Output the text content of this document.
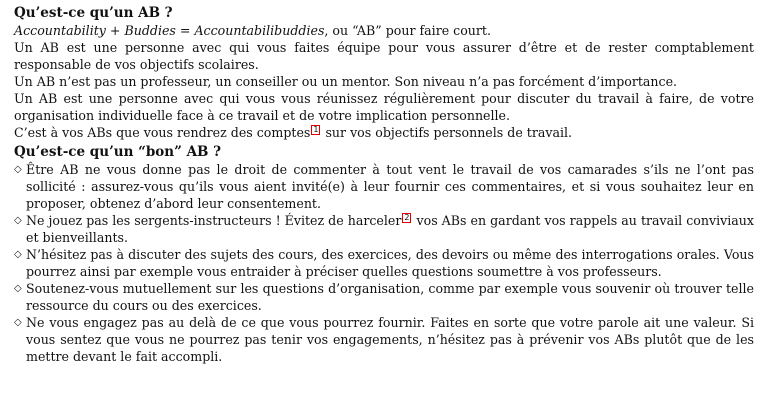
Qu’est-ce qu’un AB ?

Accountability + Buddies = Accountabilibuddies, ou “AB” pour faire court.

Un AB est une personne avec qui vous faites équipe pour vous assurer d’être et de rester comptablement responsable de vos objectifs scolaires.

Un AB n’est pas un professeur, un conseiller ou un mentor. Son niveau n’a pas forcément d’importance.

Un AB est une personne avec qui vous vous réunissez régulièrement pour discuter du travail à faire, de votre organisation individuelle face à ce travail et de votre implication personnelle.

C’est à vos ABs que vous rendrez des comptes 1 sur vos objectifs personnels de travail.

Qu’est-ce qu’un “bon” AB ?
◇ Être AB ne vous donne pas le droit de commenter à tout vent le travail de vos camarades s’ils ne l’ont pas sollicité : assurez-vous qu’ils vous aient invité(e) à leur fournir ces commentaires, et si vous souhaitez leur en proposer, obtenez d’abord leur consentement.
◇ Ne jouez pas les sergents-instructeurs ! Évitez de harceler 2 vos ABs en gardant vos rappels au travail conviviaux et bienveillants.
◇ N’hésitez pas à discuter des sujets des cours, des exercices, des devoirs ou même des interrogations orales. Vous pourrez ainsi par exemple vous entraider à préciser quelles questions soumettre à vos professeurs.
◇ Soutenez-vous mutuellement sur les questions d’organisation, comme par exemple vous souvenir où trouver telle ressource du cours ou des exercices.
◇ Ne vous engagez pas au delà de ce que vous pourrez fournir. Faites en sorte que votre parole ait une valeur. Si vous sentez que vous ne pourrez pas tenir vos engagements, n’hésitez pas à prévenir vos ABs plutôt que de les mettre devant le fait accompli.
